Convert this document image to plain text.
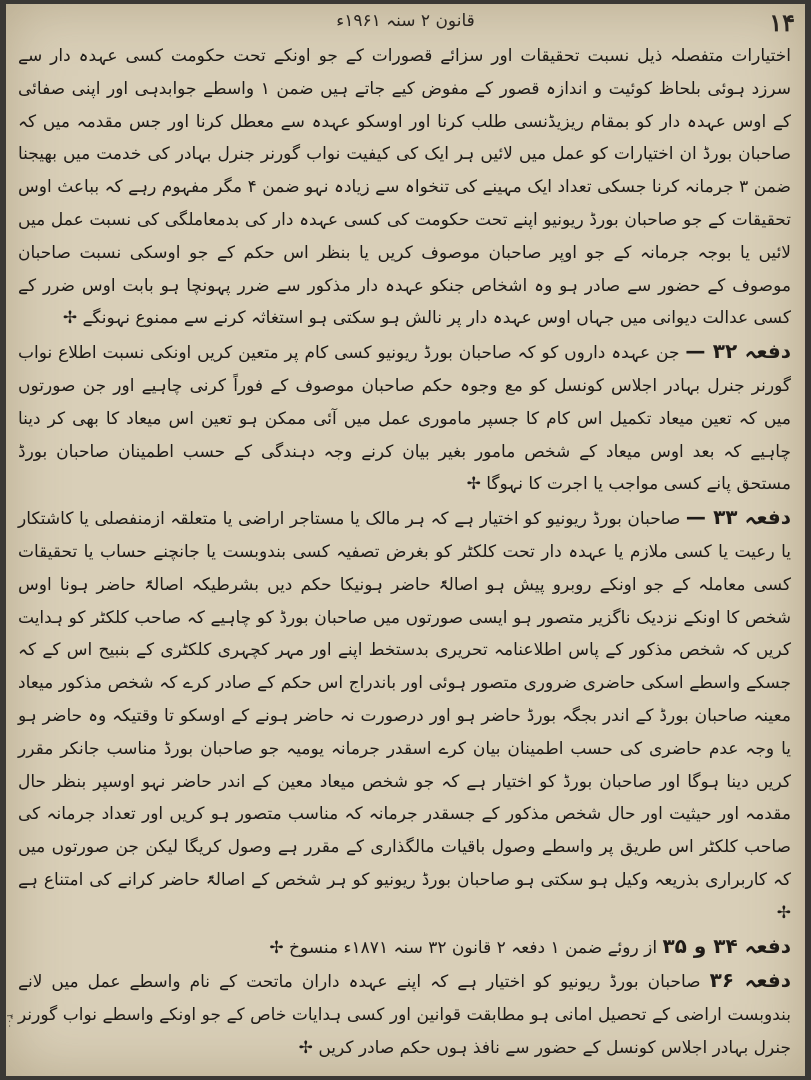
۱۴
قانون ۲ سنہ ۱۹۶۱ء

اختیارات متفصلہ ذیل نسبت تحقیقات اور سزائے قصورات کے جو اونکے تحت حکومت کسی عہدہ دار سے سرزد ہوئی بلحاظ کوئیت و اندازہ قصور کے مفوض کیے جاتے ہیں ضمن ۱ واسطے جوابدہی اور اپنی صفائی کے اوس عہدہ دار کو بمقام ریزیڈنسی طلب کرنا اور اوسکو عہدہ سے معطل کرنا اور جس مقدمہ میں کہ صاحبان بورڈ ان اختیارات کو عمل میں لائیں ہر ایک کی کیفیت نواب گورنر جنرل بہادر کی خدمت میں بھیجنا ضمن ۳ جرمانہ کرنا جسکی تعداد ایک مہینے کی تنخواہ سے زیادہ نہو ضمن ۴ مگر مفہوم رہے کہ بباعث اوس تحقیقات کے جو صاحبان بورڈ ریونیو اپنے تحت حکومت کی کسی عہدہ دار کی بدمعاملگی کی نسبت عمل میں لائیں یا بوجہ جرمانہ کے جو اوپر صاحبان موصوف کریں یا بنظر اس حکم کے جو اوسکی نسبت صاحبان موصوف کے حضور سے صادر ہو وہ اشخاص جنکو عہدہ دار مذکور سے ضرر پہونچا ہو بابت اوس ضرر کے کسی عدالت دیوانی میں جہاں اوس عہدہ دار پر نالش ہو سکتی ہو استغاثہ کرنے سے ممنوع نہونگے ✢

دفعہ ۳۲ — جن عہدہ داروں کو کہ صاحبان بورڈ ریونیو کسی کام پر متعین کریں اونکی نسبت اطلاع نواب گورنر جنرل بہادر اجلاس کونسل کو مع وجوہ حکم صاحبان موصوف کے فوراً کرنی چاہیے اور جن صورتوں میں کہ تعین میعاد تکمیل اس کام کا جسپر ماموری عمل میں آئی ممکن ہو تعین اس میعاد کا بھی کر دینا چاہیے کہ بعد اوس میعاد کے شخص مامور بغیر بیان کرنے وجہ دہندگی کے حسب اطمینان صاحبان بورڈ مستحق پانے کسی مواجب یا اجرت کا نہوگا ✢

دفعہ ۳۳ — صاحبان بورڈ ریونیو کو اختیار ہے کہ ہر مالک یا مستاجر اراضی یا متعلقہ ازمنفصلی یا کاشتکار یا رعیت یا کسی ملازم یا عہدہ دار تحت کلکٹر کو بغرض تصفیہ کسی بندوبست یا جانچنے حساب یا تحقیقات کسی معاملہ کے جو اونکے روبرو پیش ہو اصالۃً حاضر ہونیکا حکم دیں بشرطیکہ اصالۃً حاضر ہونا اوس شخص کا اونکے نزدیک ناگزیر متصور ہو ایسی صورتوں میں صاحبان بورڈ کو چاہیے کہ صاحب کلکٹر کو ہدایت کریں کہ شخص مذکور کے پاس اطلاعنامہ تحریری بدستخط اپنے اور مہر کچہری کلکٹری کے بنبیح اس کے کہ جسکے واسطے اسکی حاضری ضروری متصور ہوئی اور باندراج اس حکم کے صادر کرے کہ شخص مذکور میعاد معینہ صاحبان بورڈ کے اندر بجگہ بورڈ حاضر ہو اور درصورت نہ حاضر ہونے کے اوسکو تا وقتیکہ وہ حاضر ہو یا وجہ عدم حاضری کی حسب اطمینان بیان کرے اسقدر جرمانہ یومیہ جو صاحبان بورڈ مناسب جانکر مقرر کریں دینا ہوگا اور صاحبان بورڈ کو اختیار ہے کہ جو شخص میعاد معین کے اندر حاضر نہو اوسپر بنظر حال مقدمہ اور حیثیت اور حال شخص مذکور کے جسقدر جرمانہ کہ مناسب متصور ہو کریں اور تعداد جرمانہ کی صاحب کلکٹر اس طریق پر واسطے وصول باقیات مالگذاری کے مقرر ہے وصول کریگا لیکن جن صورتوں میں کہ کاربراری بذریعہ وکیل ہو سکتی ہو صاحبان بورڈ ریونیو کو ہر شخص کے اصالۃً حاضر کرانے کی امتناع ہے ✢

دفعہ ۳۴ و ۳۵ از روئے ضمن ۱ دفعہ ۲ قانون ۳۲ سنہ ۱۸۷۱ء منسوخ ✢

دفعہ ۳۶ صاحبان بورڈ ریونیو کو اختیار ہے کہ اپنے عہدہ داران ماتحت کے نام واسطے عمل میں لانے بندوبست اراضی کے تحصیل امانی ہو مطابقت قوانین اور کسی ہدایات خاص کے جو اونکے واسطے نواب گورنر جنرل بہادر اجلاس کونسل کے حضور سے نافذ ہوں حکم صادر کریں ✢

۳۰۰
